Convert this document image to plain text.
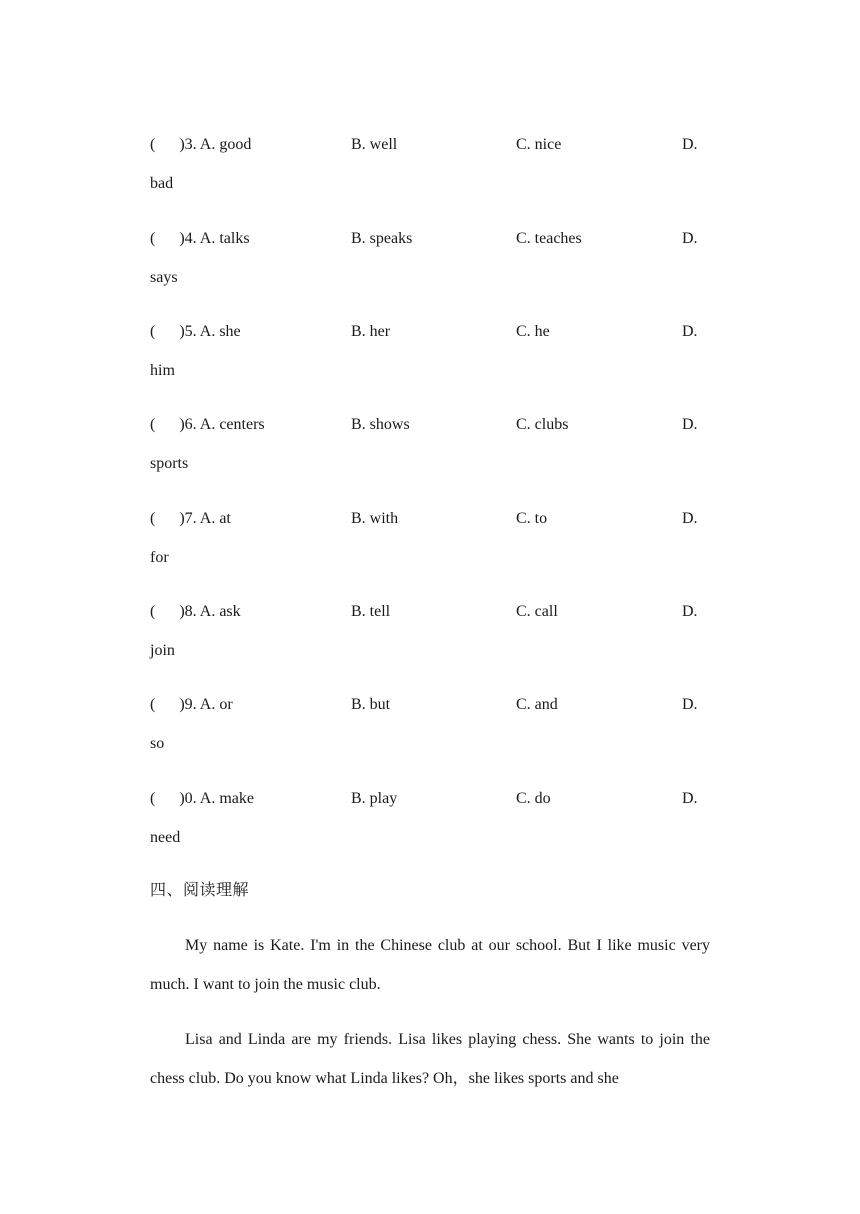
(      )3. A. good	B. well	C. nice	D.
bad
(      )4. A. talks	B. speaks	C. teaches	D.
says
(      )5. A. she	B. her	C. he	D.
him
(      )6. A. centers	B. shows	C. clubs	D.
sports
(      )7. A. at	B. with	C. to	D.
for
(      )8. A. ask	B. tell	C. call	D.
join
(      )9. A. or	B. but	C. and	D.
so
(      )0. A. make	B. play	C. do	D.
need
四、阅读理解

My name is Kate. I'm in the Chinese club at our school. But I like music very much. I want to join the music club.

Lisa and Linda are my friends. Lisa likes playing chess. She wants to join the chess club. Do you know what Linda likes? Oh，she likes sports and she
